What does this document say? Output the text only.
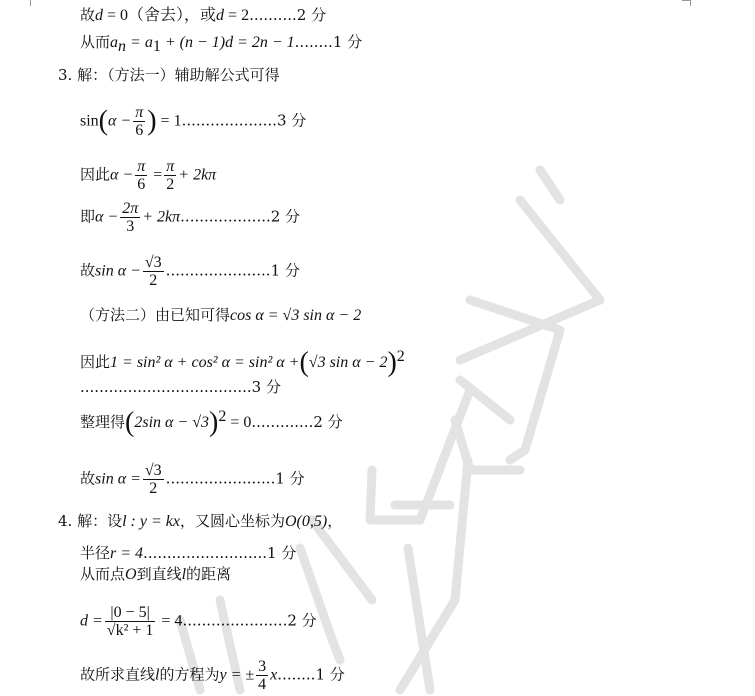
故d = 0（舍去），或d = 2..........2 分
从而$a_n = a_1 + (n - 1)d = 2n - 1........1$ 分
3. 解：（方法一）辅助解公式可得
$\sin(\alpha - \frac{\pi}{6}$ ) = 1....................3 分
因此$\alpha - \frac{\pi}{6} = \frac{\pi}{2} + 2k\pi$
即$\alpha - \frac{2\pi}{3} + 2k\pi...................2$ 分
故$\sin \alpha - \frac{√3}{2} ......................1$ 分
（方法二）由已知可得cos α = √3 sin α − 2
因此1 = sin² α + cos² α = sin² α +(√3 sin α − 2)$^2$
....................................3 分
整理得(2sin α − √3)$^2$ = 0.............2 分
故$\sin \alpha = \frac{√3}{2} .......................1$ 分
4. 解：设l : y = kx，又圆心坐标为O(0,5)，
半径r = 4..........................1 分
从而点O到直线l的距离
$d = \frac{|0 - 5|}{\text{√k² + 1}} = 4......................2$ 分
故所求直线l的方程为y = ± $\frac{3}{4} x........1$ 分
